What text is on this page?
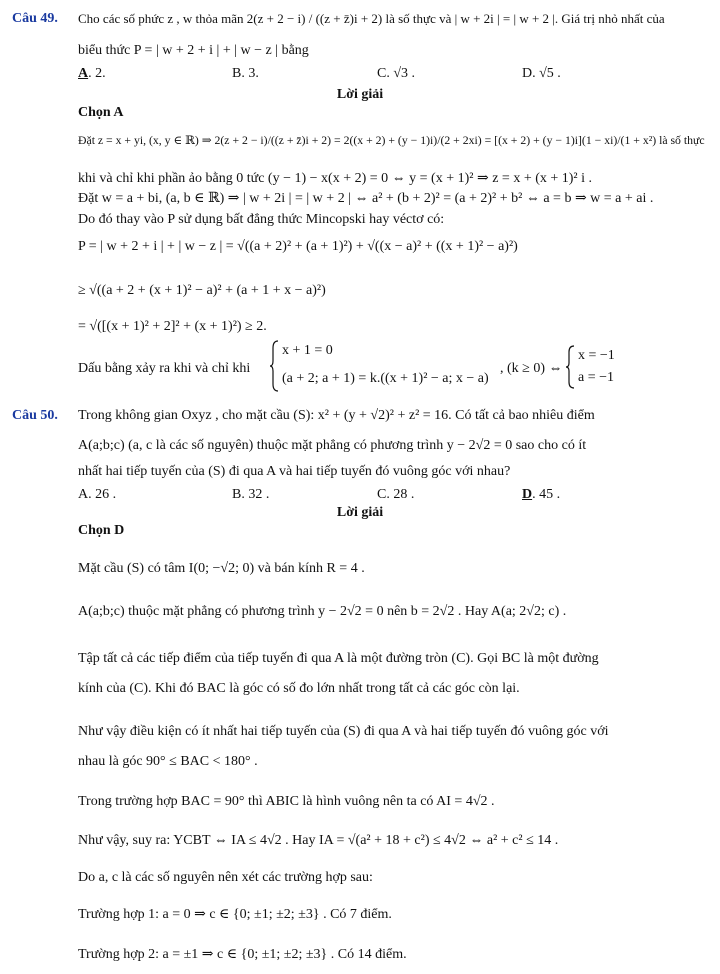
Câu 49. Cho các số phức z , w thỏa mãn 2(z + 2 − i) / ((z + z̄)i + 2) là số thực và | w + 2i | = | w + 2 |. Giá trị nhỏ nhất của
biểu thức P = | w + 2 + i | + | w − z | bằng
A. 2.	B. 3.	C. √3 .	D. √5 .
Lời giải
Chọn A
Đặt z = x + yi, (x, y ∈ ℝ) ⇒ 2(z + 2 − i)/((z + z̄)i + 2) = 2((x + 2) + (y − 1)i)/(2 + 2xi) = [(x + 2) + (y − 1)i](1 − xi)/(1 + x²) là số thực
khi và chỉ khi phần ảo bằng 0 tức (y − 1) − x(x + 2) = 0 ⇔ y = (x + 1)² ⇒ z = x + (x + 1)² i .
Đặt w = a + bi, (a, b ∈ ℝ) ⇒ | w + 2i | = | w + 2 | ⇔ a² + (b + 2)² = (a + 2)² + b² ⇔ a = b ⇒ w = a + ai .
Do đó thay vào P sử dụng bất đẳng thức Mincopski hay véctơ có:
P = | w + 2 + i | + | w − z | = √((a + 2)² + (a + 1)²) + √((x − a)² + ((x + 1)² − a)²)
≥ √((a + 2 + (x + 1)² − a)² + (a + 1 + x − a)²)
= √([(x + 1)² + 2]² + (x + 1)²) ≥ 2.
Dấu bằng xảy ra khi và chỉ khi
x + 1 = 0
(a + 2; a + 1) = k.((x + 1)² − a; x − a)
, (k ≥ 0) ⇔
x = −1
a = −1
Câu 50. Trong không gian Oxyz , cho mặt cầu (S): x² + (y + √2)² + z² = 16. Có tất cả bao nhiêu điểm
A(a;b;c) (a, c là các số nguyên) thuộc mặt phẳng có phương trình y − 2√2 = 0 sao cho có ít
nhất hai tiếp tuyến của (S) đi qua A và hai tiếp tuyến đó vuông góc với nhau?
A. 26 .	B. 32 .	C. 28 .	D. 45 .
Lời giải
Chọn D
Mặt cầu (S) có tâm I(0; −√2; 0) và bán kính R = 4 .
A(a;b;c) thuộc mặt phẳng có phương trình y − 2√2 = 0 nên b = 2√2 . Hay A(a; 2√2; c) .
Tập tất cả các tiếp điểm của tiếp tuyến đi qua A là một đường tròn (C). Gọi BC là một đường
kính của (C). Khi đó BAC là góc có số đo lớn nhất trong tất cả các góc còn lại.
Như vậy điều kiện có ít nhất hai tiếp tuyến của (S) đi qua A và hai tiếp tuyến đó vuông góc với
nhau là góc 90° ≤ BAC < 180° .
Trong trường hợp BAC = 90° thì ABIC là hình vuông nên ta có AI = 4√2 .
Như vậy, suy ra: YCBT ⇔ IA ≤ 4√2 . Hay IA = √(a² + 18 + c²) ≤ 4√2 ⇔ a² + c² ≤ 14 .
Do a, c là các số nguyên nên xét các trường hợp sau:
Trường hợp 1: a = 0 ⇒ c ∈ {0; ±1; ±2; ±3} . Có 7 điểm.
Trường hợp 2: a = ±1 ⇒ c ∈ {0; ±1; ±2; ±3} . Có 14 điểm.
